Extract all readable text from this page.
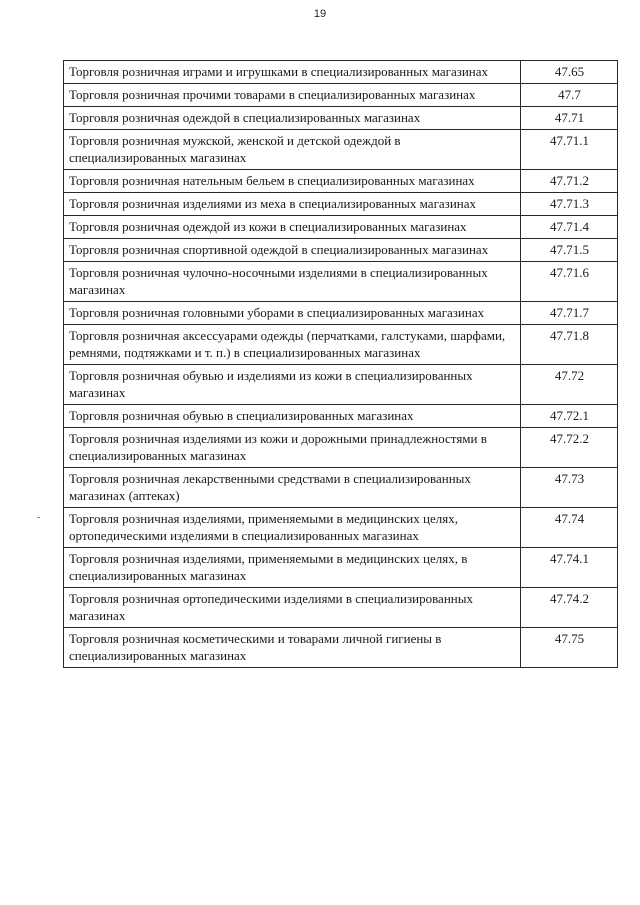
19
Торговля розничная играми и игрушками в специализированных магазинах	47.65
Торговля розничная прочими товарами в специализированных магазинах	47.7
Торговля розничная одеждой в специализированных магазинах	47.71
Торговля розничная мужской, женской и детской одеждой в специализированных магазинах	47.71.1
Торговля розничная нательным бельем в специализированных магазинах	47.71.2
Торговля розничная изделиями из меха в специализированных магазинах	47.71.3
Торговля розничная одеждой из кожи в специализированных магазинах	47.71.4
Торговля розничная спортивной одеждой в специализированных магазинах	47.71.5
Торговля розничная чулочно-носочными изделиями в специализированных магазинах	47.71.6
Торговля розничная головными уборами в специализированных магазинах	47.71.7
Торговля розничная аксессуарами одежды (перчатками, галстуками, шарфами, ремнями, подтяжками и т. п.) в специализированных магазинах	47.71.8
Торговля розничная обувью и изделиями из кожи в специализированных магазинах	47.72
Торговля розничная обувью в специализированных магазинах	47.72.1
Торговля розничная изделиями из кожи и дорожными принадлежностями в специализированных магазинах	47.72.2
Торговля розничная лекарственными средствами в специализированных магазинах (аптеках)	47.73
Торговля розничная изделиями, применяемыми в медицинских целях, ортопедическими изделиями в специализированных магазинах	47.74
Торговля розничная изделиями, применяемыми в медицинских целях, в специализированных магазинах	47.74.1
Торговля розничная ортопедическими изделиями в специализированных магазинах	47.74.2
Торговля розничная косметическими и товарами личной гигиены в специализированных магазинах	47.75
